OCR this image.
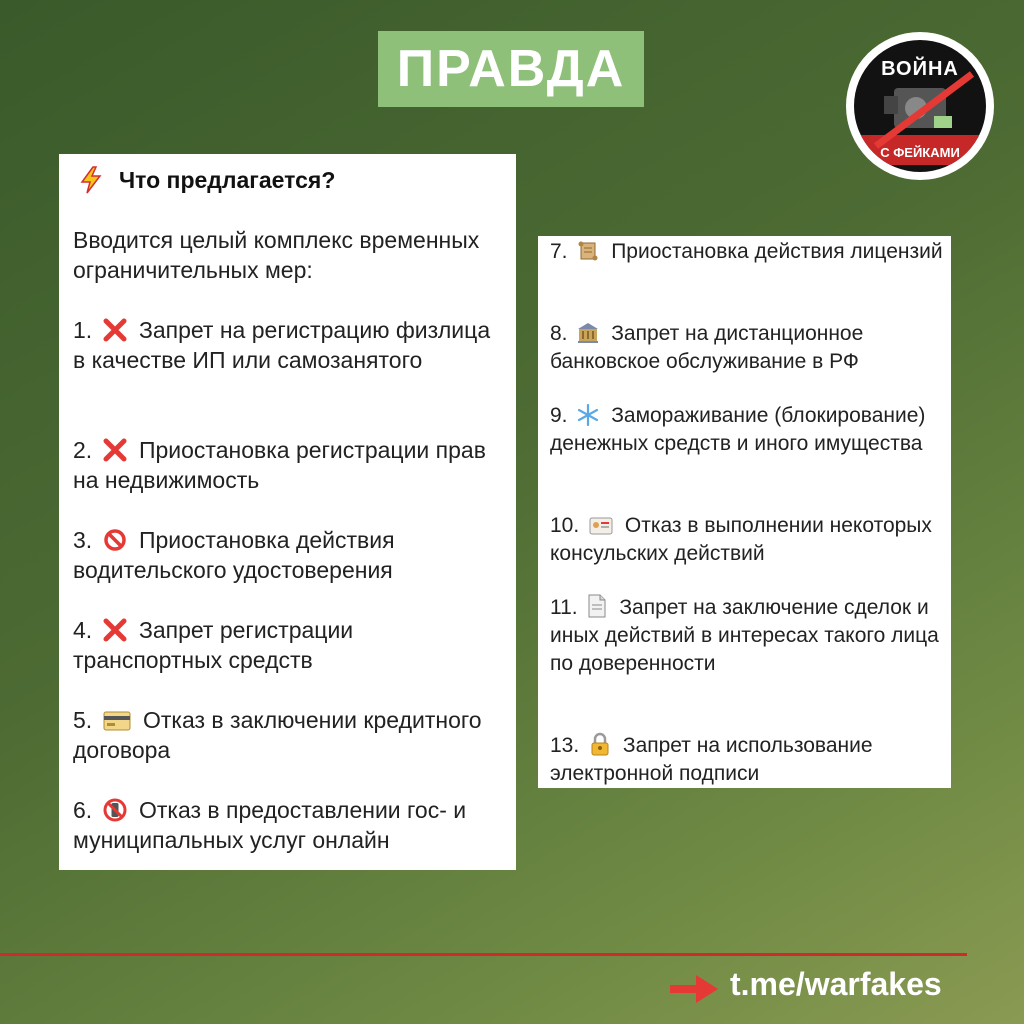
ПРАВДА	ВОЙНА
С ФЕЙКАМИ
Что предлагается?
Вводится целый комплекс временных ограничительных мер:
1. Запрет на регистрацию физлица в качестве ИП или самозанятого
2. Приостановка регистрации прав на недвижимость
3. Приостановка действия водительского удостоверения
4. Запрет регистрации транспортных средств
5. Отказ в заключении кредитного договора
6. Отказ в предоставлении гос- и муниципальных услуг онлайн
7. Приостановка действия лицензий
8. Запрет на дистанционное банковское обслуживание в РФ
9. Замораживание (блокирование) денежных средств и иного имущества
10. Отказ в выполнении некоторых консульских действий
11. Запрет на заключение сделок и иных действий в интересах такого лица по доверенности
13. Запрет на использование электронной подписи
t.me/warfakes
